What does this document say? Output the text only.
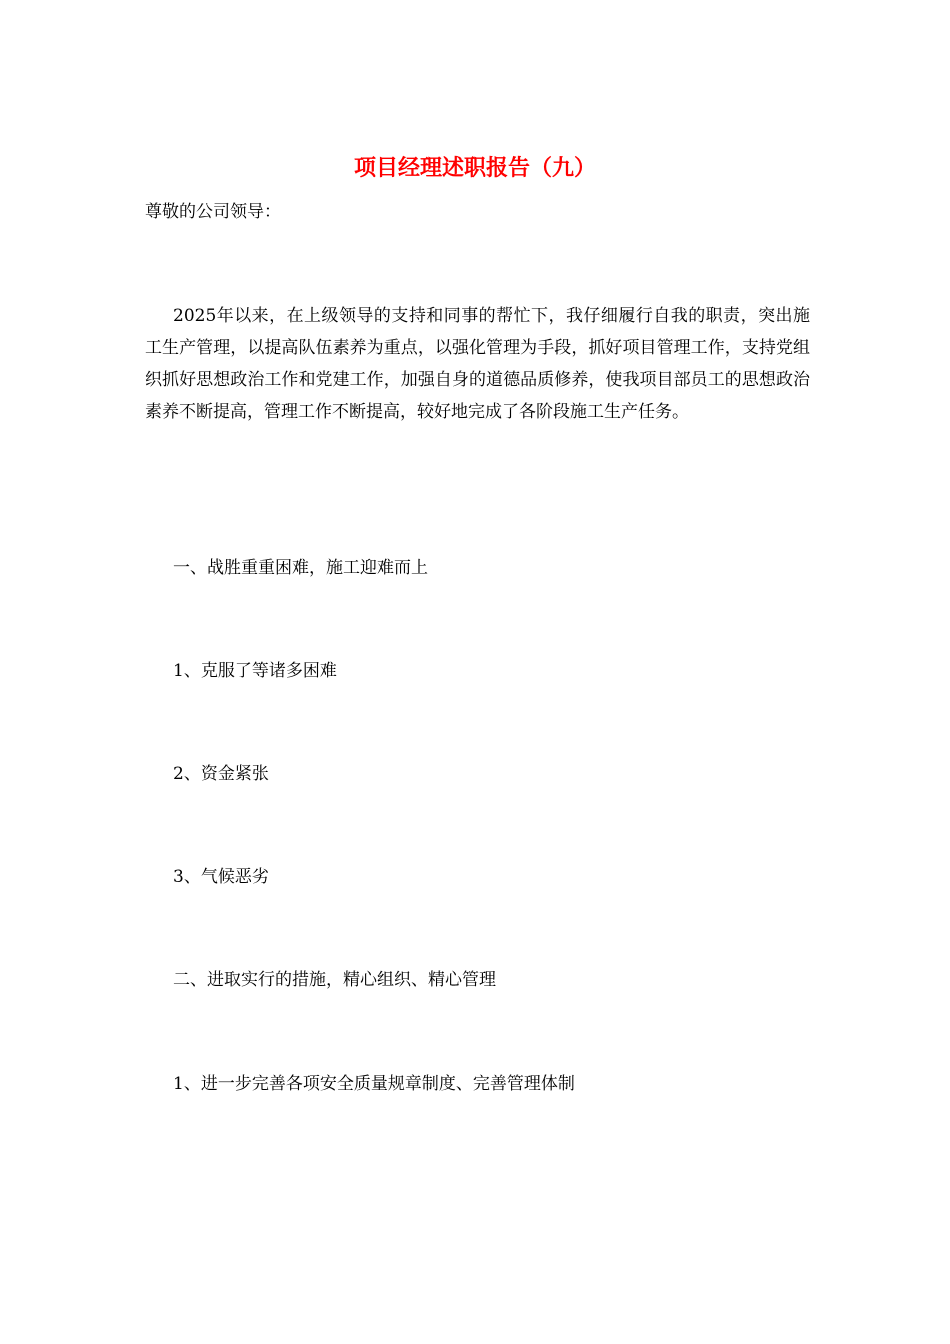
项目经理述职报告（九）
尊敬的公司领导：
2025年以来，在上级领导的支持和同事的帮忙下，我仔细履行自我的职责，突出施工生产管理，以提高队伍素养为重点，以强化管理为手段，抓好项目管理工作，支持党组织抓好思想政治工作和党建工作，加强自身的道德品质修养，使我项目部员工的思想政治素养不断提高，管理工作不断提高，较好地完成了各阶段施工生产任务。
一、战胜重重困难，施工迎难而上
1、克服了等诸多困难
2、资金紧张
3、气候恶劣
二、进取实行的措施，精心组织、精心管理
1、进一步完善各项安全质量规章制度、完善管理体制
